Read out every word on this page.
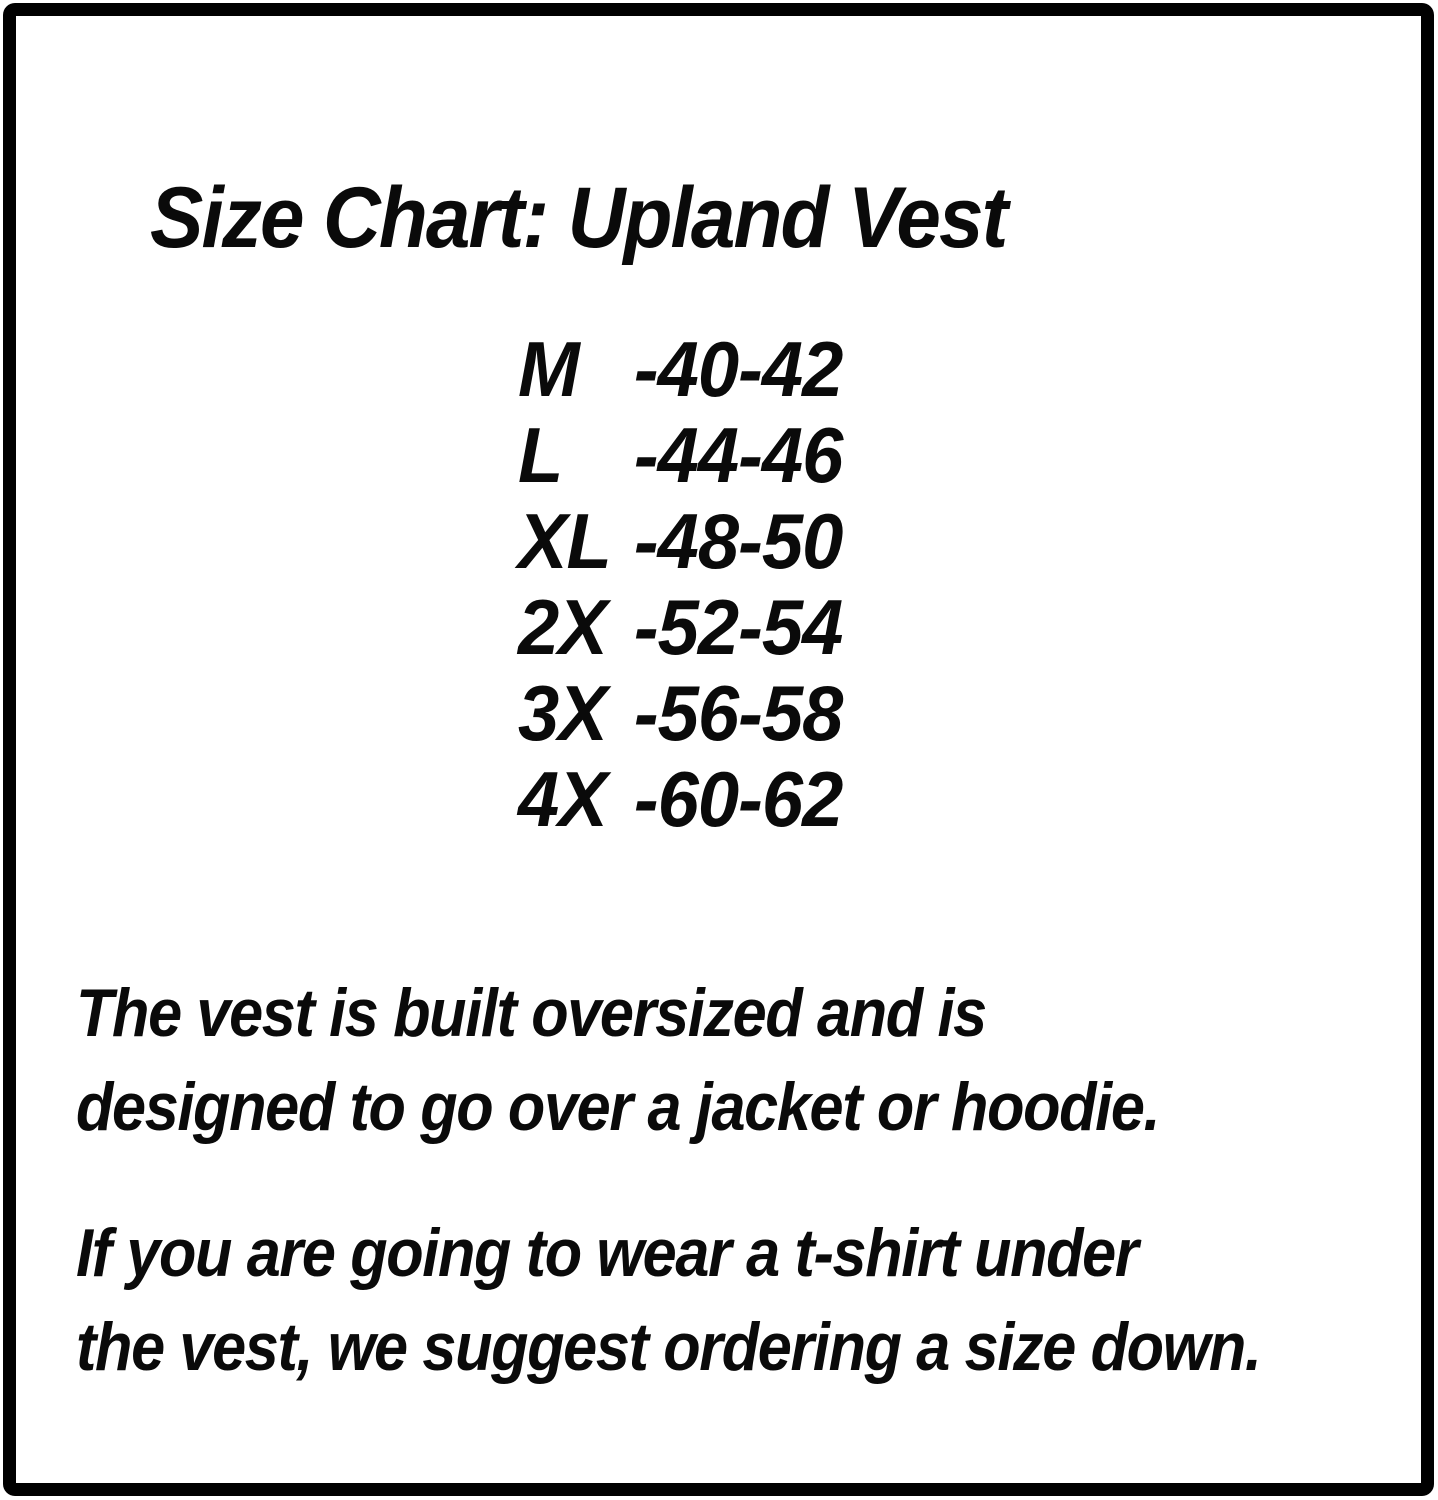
Size Chart: Upland Vest
M -40-42
L -44-46
XL -48-50
2X -52-54
3X -56-58
4X -60-62
The vest is built oversized and is
designed to go over a jacket or hoodie.
If you are going to wear a t-shirt under
the vest, we suggest ordering a size down.
